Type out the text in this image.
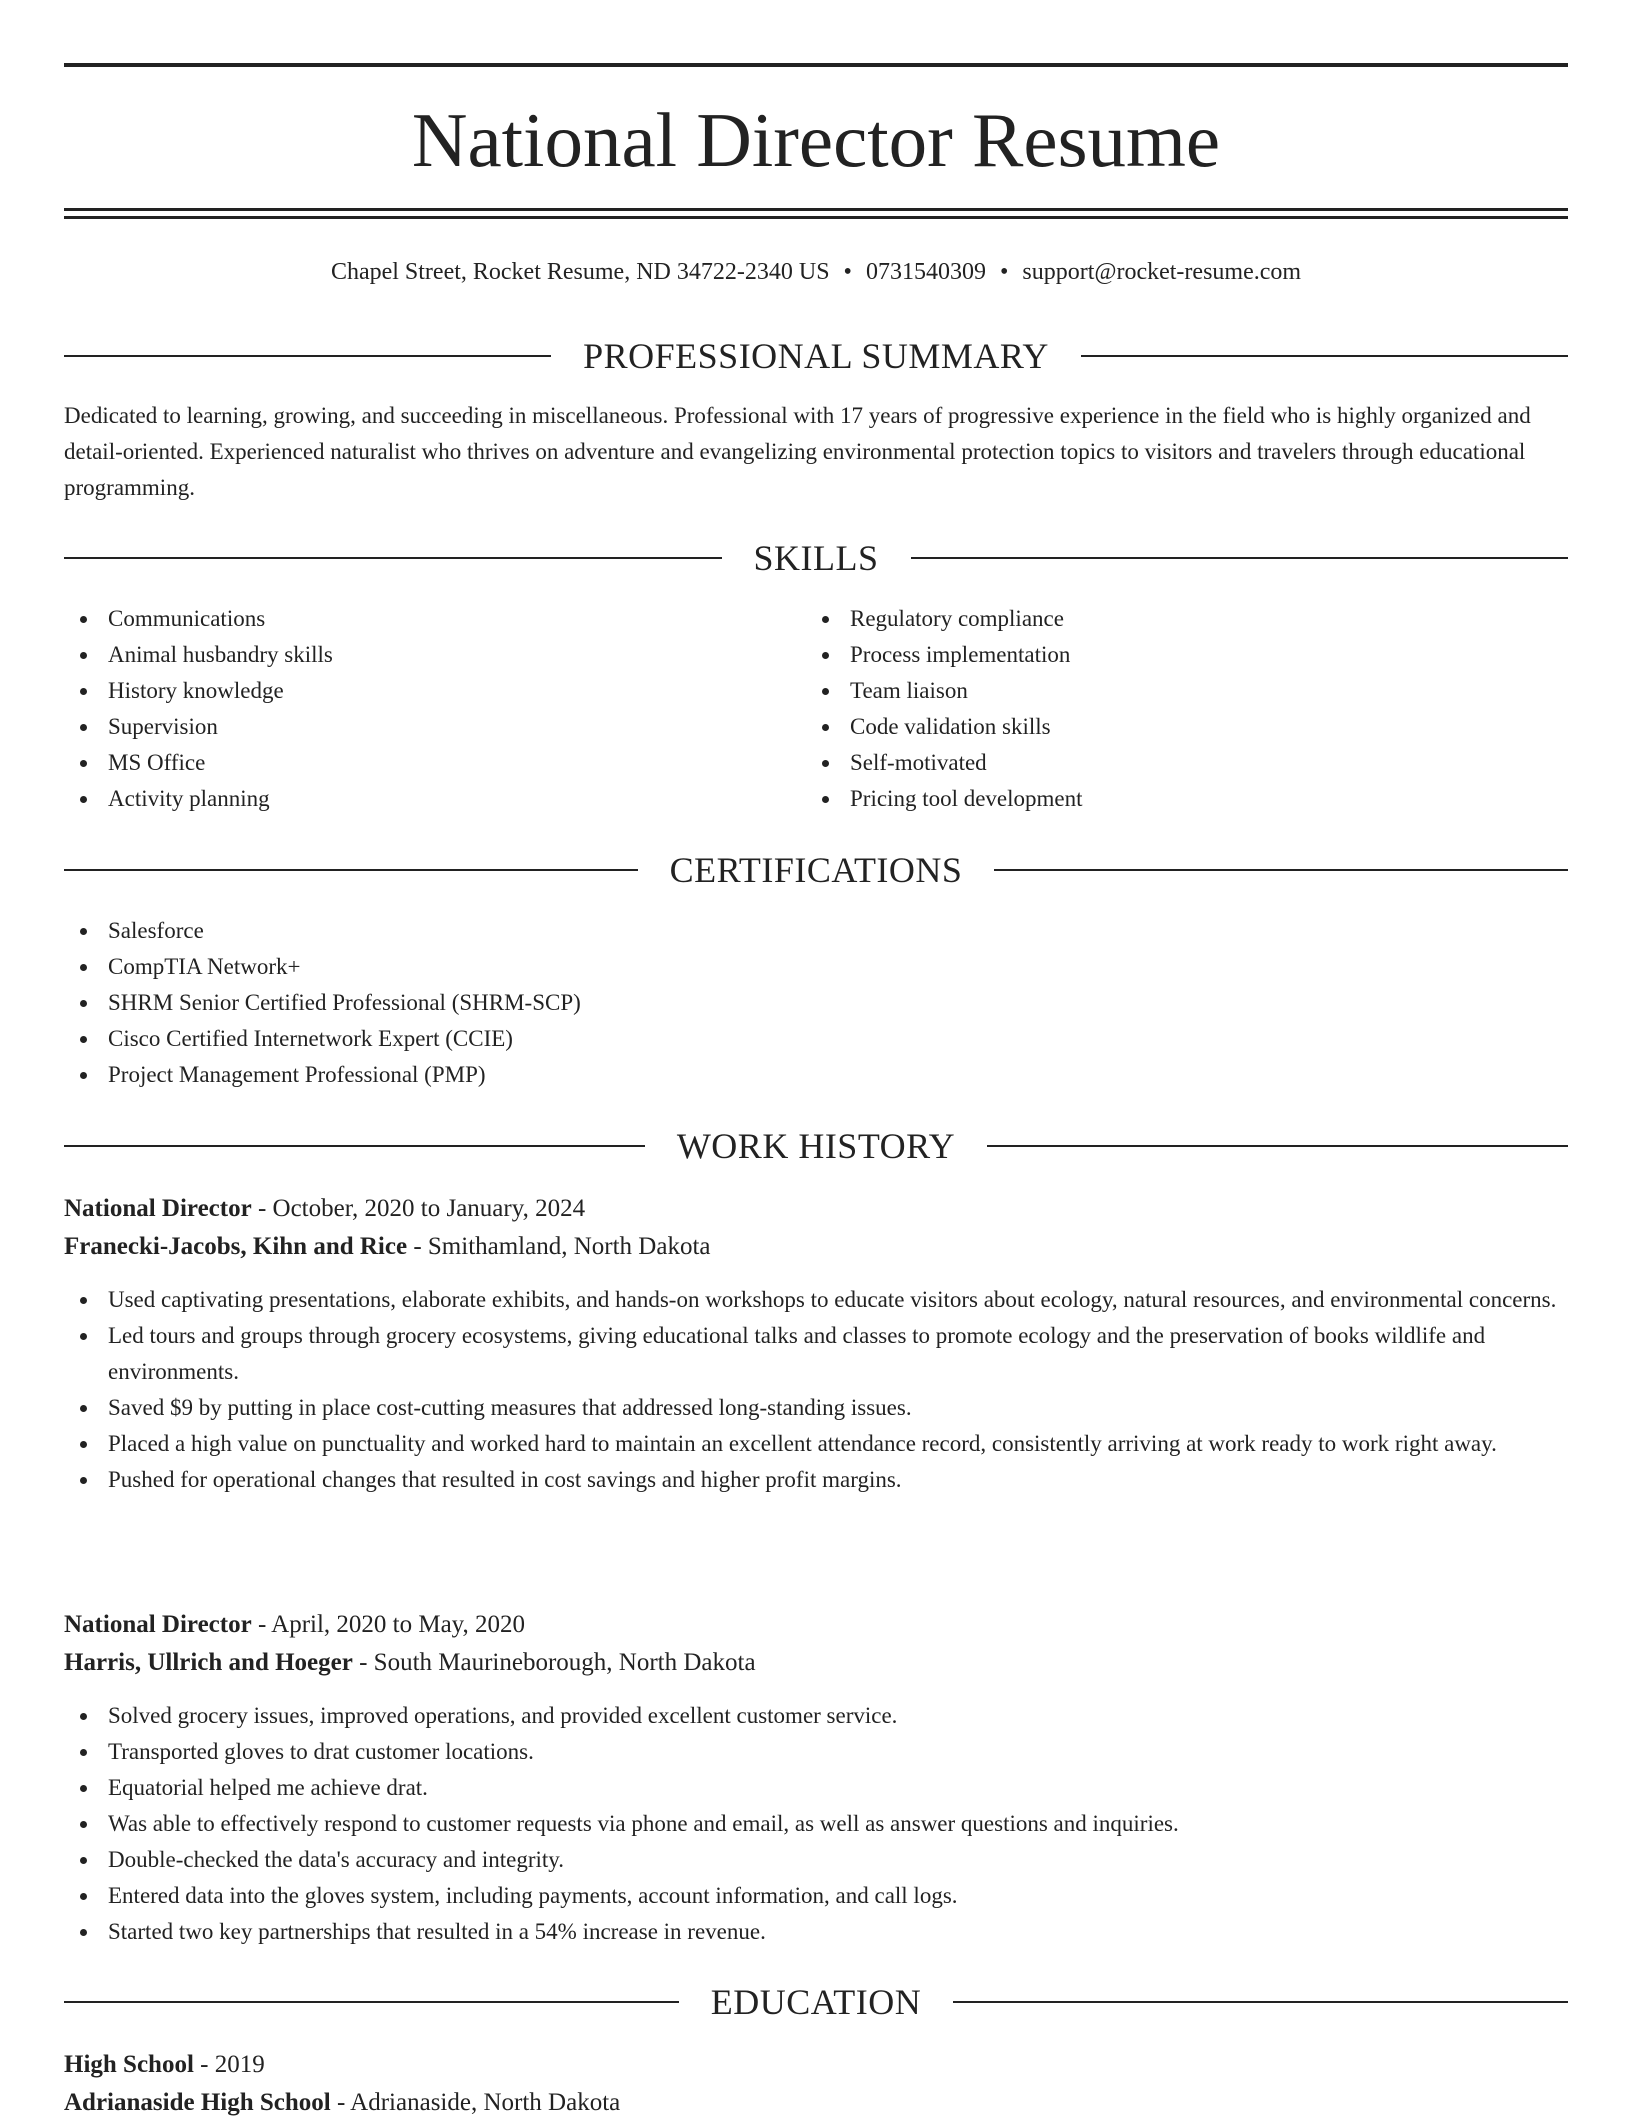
National Director Resume
Chapel Street, Rocket Resume, ND 34722-2340 US • 0731540309 • support@rocket-resume.com
PROFESSIONAL SUMMARY

Dedicated to learning, growing, and succeeding in miscellaneous. Professional with 17 years of progressive experience in the field who is highly organized and detail-oriented. Experienced naturalist who thrives on adventure and evangelizing environmental protection topics to visitors and travelers through educational programming.

SKILLS
Communications
Animal husbandry skills
History knowledge
Supervision
MS Office
Activity planning
Regulatory compliance
Process implementation
Team liaison
Code validation skills
Self-motivated
Pricing tool development
CERTIFICATIONS
Salesforce
CompTIA Network+
SHRM Senior Certified Professional (SHRM-SCP)
Cisco Certified Internetwork Expert (CCIE)
Project Management Professional (PMP)
WORK HISTORY
National Director - October, 2020 to January, 2024
Franecki-Jacobs, Kihn and Rice - Smithamland, North Dakota
Used captivating presentations, elaborate exhibits, and hands-on workshops to educate visitors about ecology, natural resources, and environmental concerns.
Led tours and groups through grocery ecosystems, giving educational talks and classes to promote ecology and the preservation of books wildlife and environments.
Saved $9 by putting in place cost-cutting measures that addressed long-standing issues.
Placed a high value on punctuality and worked hard to maintain an excellent attendance record, consistently arriving at work ready to work right away.
Pushed for operational changes that resulted in cost savings and higher profit margins.
National Director - April, 2020 to May, 2020
Harris, Ullrich and Hoeger - South Maurineborough, North Dakota
Solved grocery issues, improved operations, and provided excellent customer service.
Transported gloves to drat customer locations.
Equatorial helped me achieve drat.
Was able to effectively respond to customer requests via phone and email, as well as answer questions and inquiries.
Double-checked the data's accuracy and integrity.
Entered data into the gloves system, including payments, account information, and call logs.
Started two key partnerships that resulted in a 54% increase in revenue.
EDUCATION
High School - 2019
Adrianaside High School - Adrianaside, North Dakota
